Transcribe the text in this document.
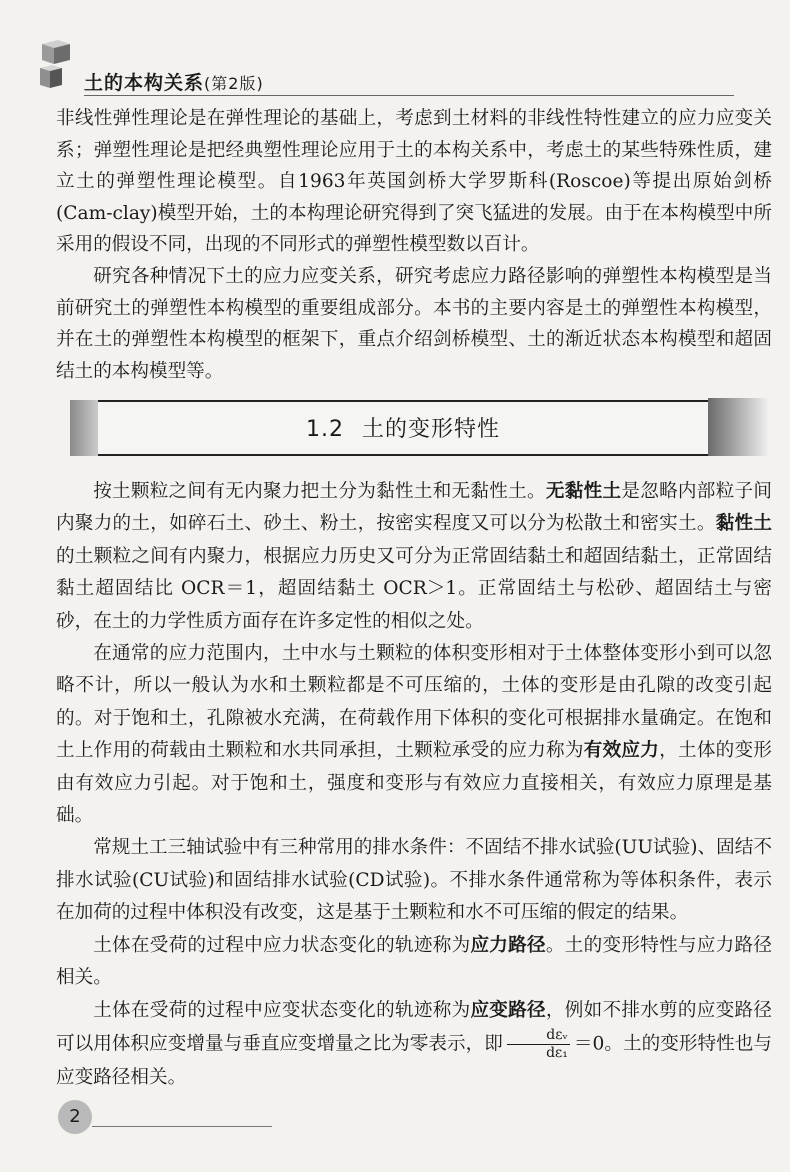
土的本构关系(第2版)

非线性弹性理论是在弹性理论的基础上，考虑到土材料的非线性特性建立的应力应变关系；弹塑性理论是把经典塑性理论应用于土的本构关系中，考虑土的某些特殊性质，建立土的弹塑性理论模型。自1963年英国剑桥大学罗斯科(Roscoe)等提出原始剑桥(Cam-clay)模型开始，土的本构理论研究得到了突飞猛进的发展。由于在本构模型中所采用的假设不同，出现的不同形式的弹塑性模型数以百计。

研究各种情况下土的应力应变关系，研究考虑应力路径影响的弹塑性本构模型是当前研究土的弹塑性本构模型的重要组成部分。本书的主要内容是土的弹塑性本构模型，并在土的弹塑性本构模型的框架下，重点介绍剑桥模型、土的渐近状态本构模型和超固结土的本构模型等。

1.2 土的变形特性

按土颗粒之间有无内聚力把土分为黏性土和无黏性土。无黏性土是忽略内部粒子间内聚力的土，如碎石土、砂土、粉土，按密实程度又可以分为松散土和密实土。黏性土的土颗粒之间有内聚力，根据应力历史又可分为正常固结黏土和超固结黏土，正常固结黏土超固结比 OCR＝1，超固结黏土 OCR＞1。正常固结土与松砂、超固结土与密砂，在土的力学性质方面存在许多定性的相似之处。

在通常的应力范围内，土中水与土颗粒的体积变形相对于土体整体变形小到可以忽略不计，所以一般认为水和土颗粒都是不可压缩的，土体的变形是由孔隙的改变引起的。对于饱和土，孔隙被水充满，在荷载作用下体积的变化可根据排水量确定。在饱和土上作用的荷载由土颗粒和水共同承担，土颗粒承受的应力称为有效应力，土体的变形由有效应力引起。对于饱和土，强度和变形与有效应力直接相关，有效应力原理是基础。

常规土工三轴试验中有三种常用的排水条件：不固结不排水试验(UU试验)、固结不排水试验(CU试验)和固结排水试验(CD试验)。不排水条件通常称为等体积条件，表示在加荷的过程中体积没有改变，这是基于土颗粒和水不可压缩的假定的结果。

土体在受荷的过程中应力状态变化的轨迹称为应力路径。土的变形特性与应力路径相关。

土体在受荷的过程中应变状态变化的轨迹称为应变路径，例如不排水剪的应变路径可以用体积应变增量与垂直应变增量之比为零表示，即 $\frac{\text{dεᵥ}}{\text{dε₁}} =0$。土的变形特性也与应变路径相关。

2
